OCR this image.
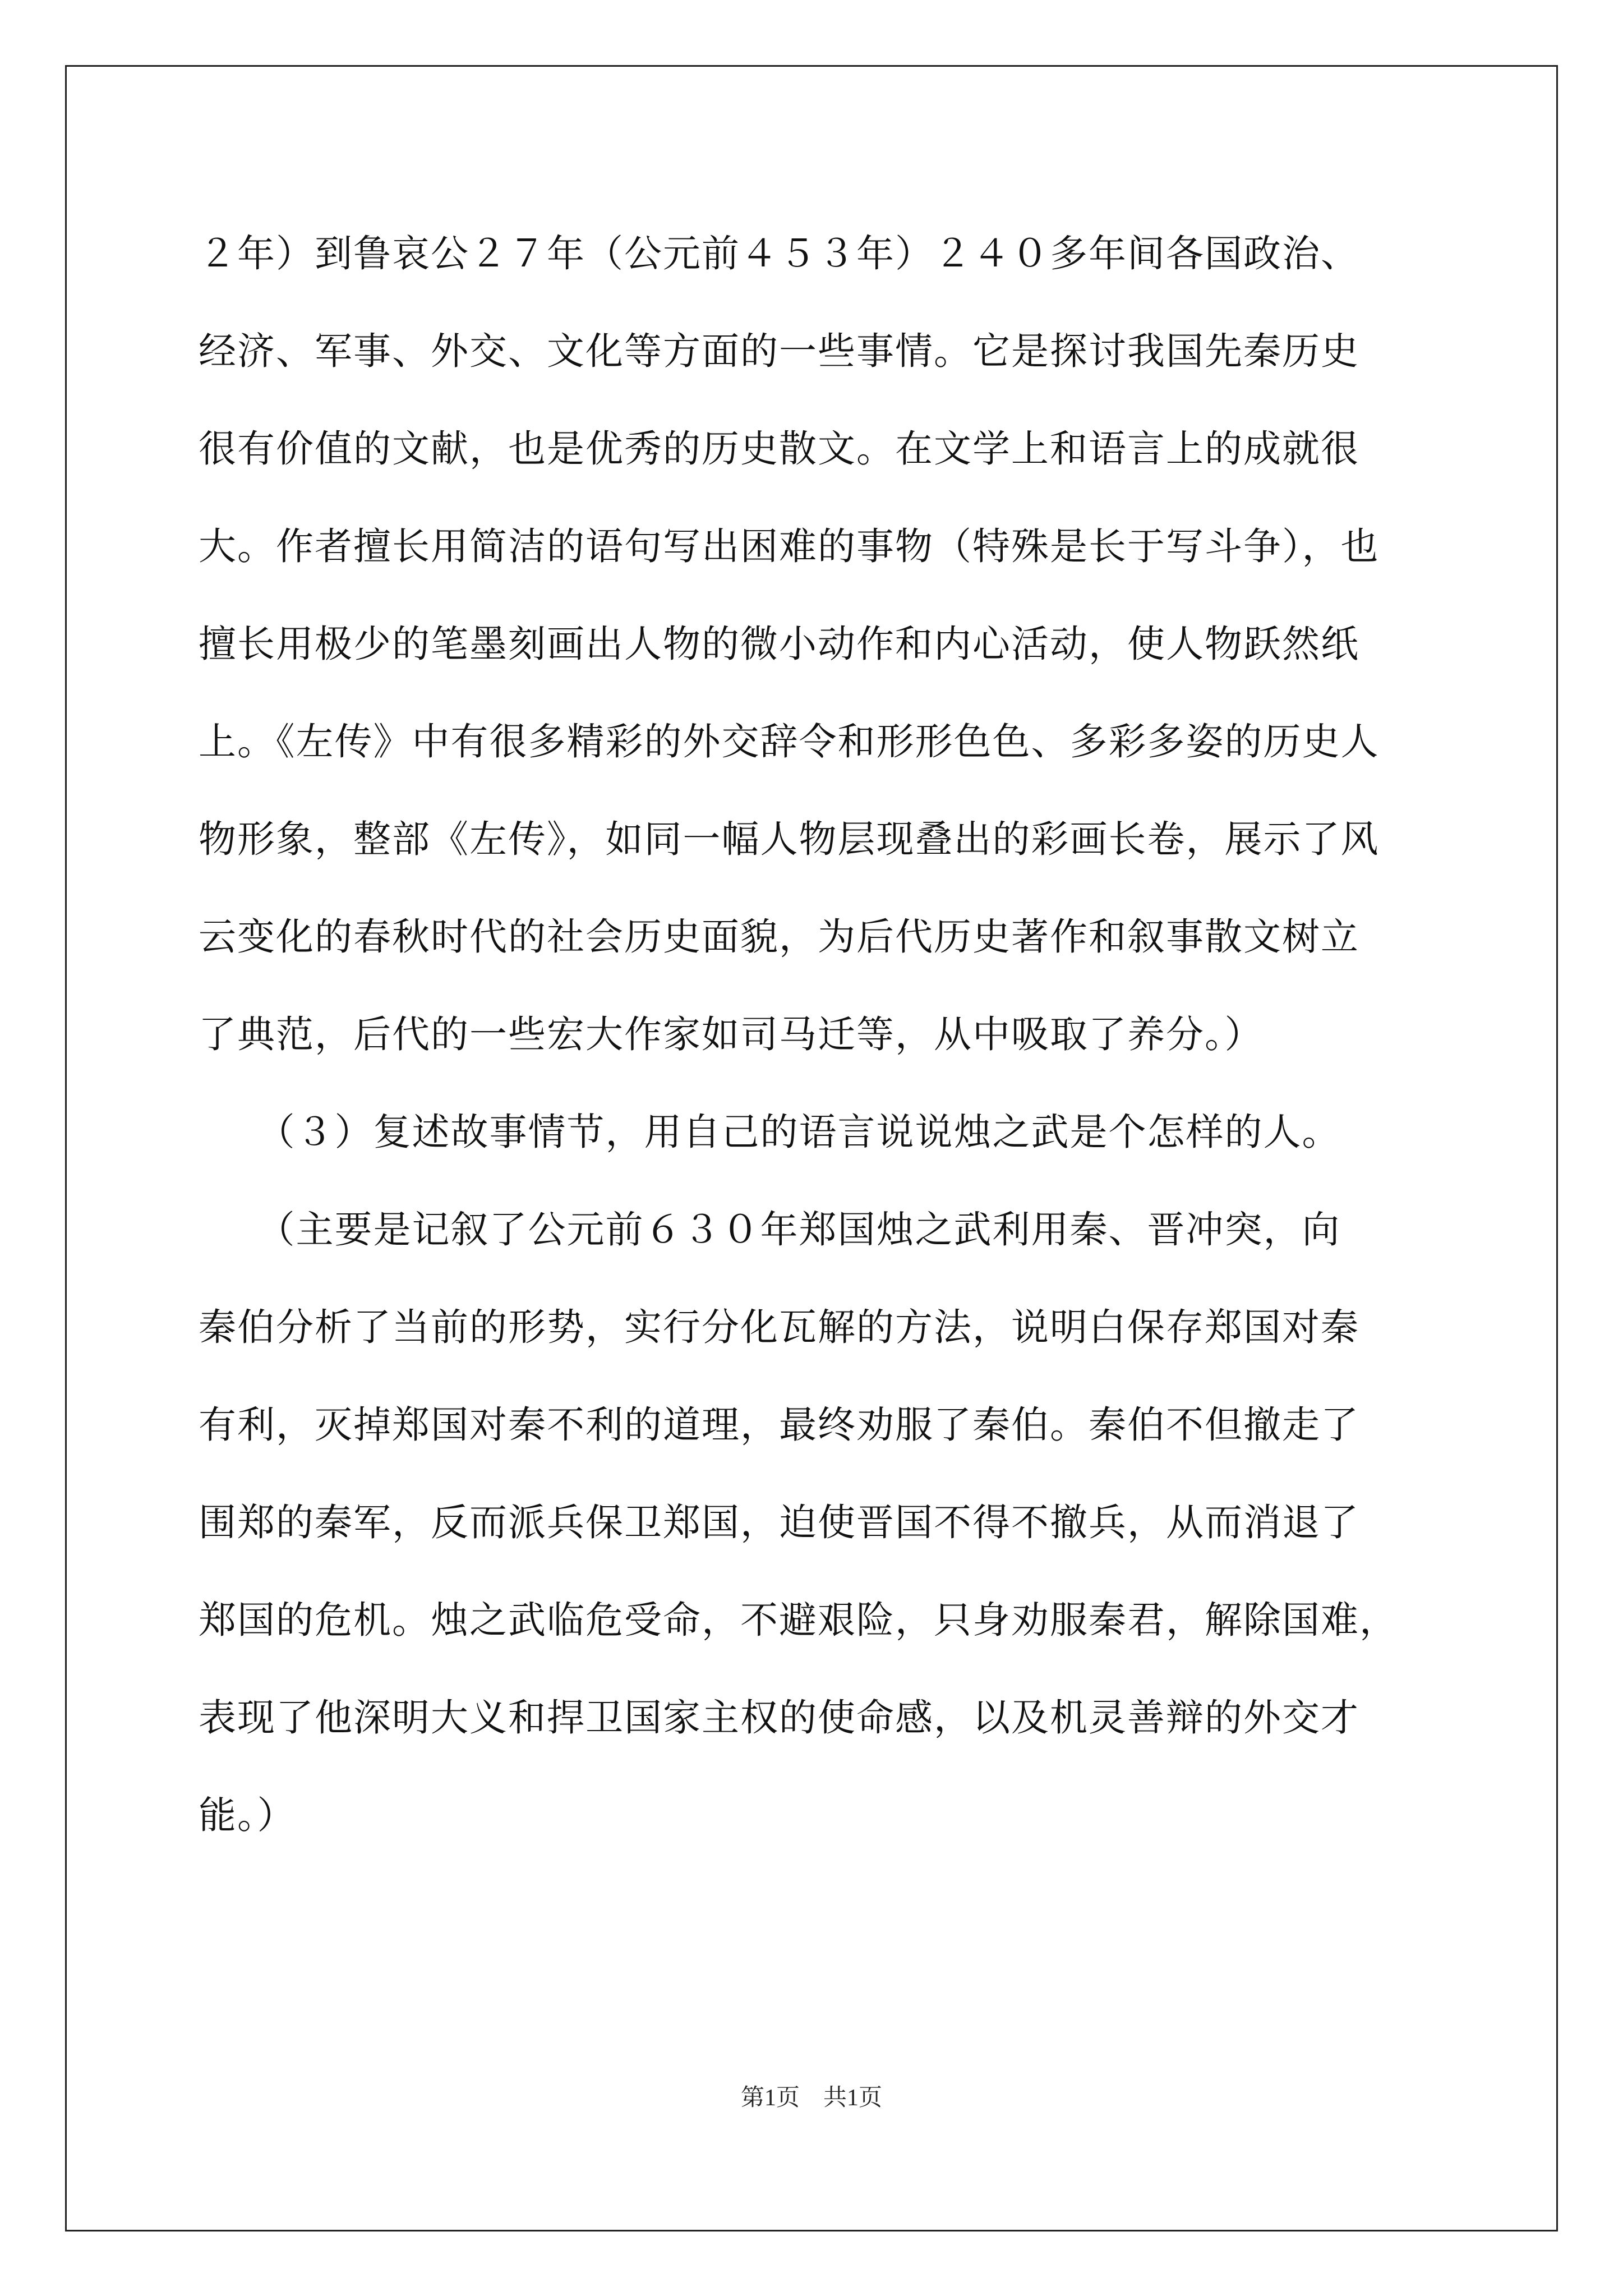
２年）到鲁哀公２７年（公元前４５３年）２４０多年间各国政治、
经济、军事、外交、文化等方面的一些事情。它是探讨我国先秦历史
很有价值的文献，也是优秀的历史散文。在文学上和语言上的成就很
大。作者擅长用简洁的语句写出困难的事物（特殊是长于写斗争），也
擅长用极少的笔墨刻画出人物的微小动作和内心活动，使人物跃然纸
上。《左传》中有很多精彩的外交辞令和形形色色、多彩多姿的历史人
物形象，整部《左传》，如同一幅人物层现叠出的彩画长卷，展示了风
云变化的春秋时代的社会历史面貌，为后代历史著作和叙事散文树立
了典范，后代的一些宏大作家如司马迁等，从中吸取了养分。）
　　（３）复述故事情节，用自己的语言说说烛之武是个怎样的人。
　　（主要是记叙了公元前６３０年郑国烛之武利用秦、晋冲突，向
秦伯分析了当前的形势，实行分化瓦解的方法，说明白保存郑国对秦
有利，灭掉郑国对秦不利的道理，最终劝服了秦伯。秦伯不但撤走了
围郑的秦军，反而派兵保卫郑国，迫使晋国不得不撤兵，从而消退了
郑国的危机。烛之武临危受命，不避艰险，只身劝服秦君，解除国难，
表现了他深明大义和捍卫国家主权的使命感，以及机灵善辩的外交才
能。）
第1页　共1页
